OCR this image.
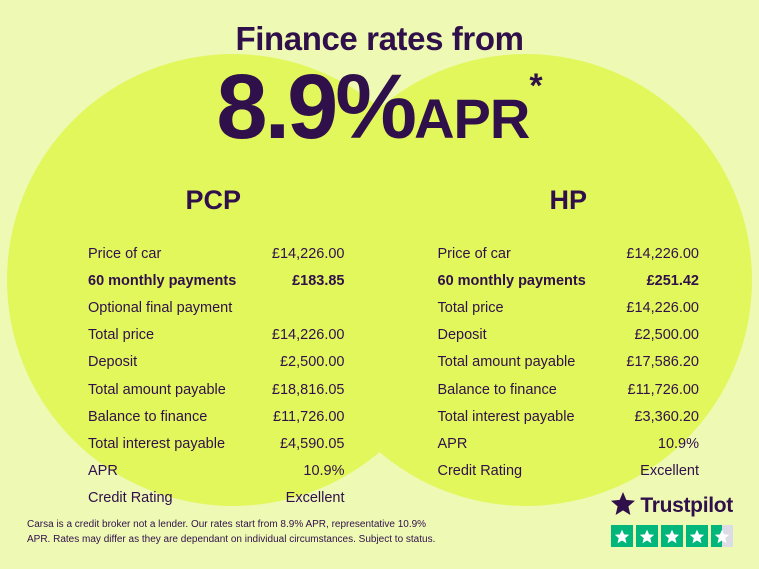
Finance rates from
8.9%APR*
PCP
Price of car	£14,226.00
60 monthly payments	£183.85
Optional final payment
Total price	£14,226.00
Deposit	£2,500.00
Total amount payable	£18,816.05
Balance to finance	£11,726.00
Total interest payable	£4,590.05
APR	10.9%
Credit Rating	Excellent
HP
Price of car	£14,226.00
60 monthly payments	£251.42
Total price	£14,226.00
Deposit	£2,500.00
Total amount payable	£17,586.20
Balance to finance	£11,726.00
Total interest payable	£3,360.20
APR	10.9%
Credit Rating	Excellent
Carsa is a credit broker not a lender. Our rates start from 8.9% APR, representative 10.9% APR. Rates may differ as they are dependant on individual circumstances. Subject to status.
Trustpilot
